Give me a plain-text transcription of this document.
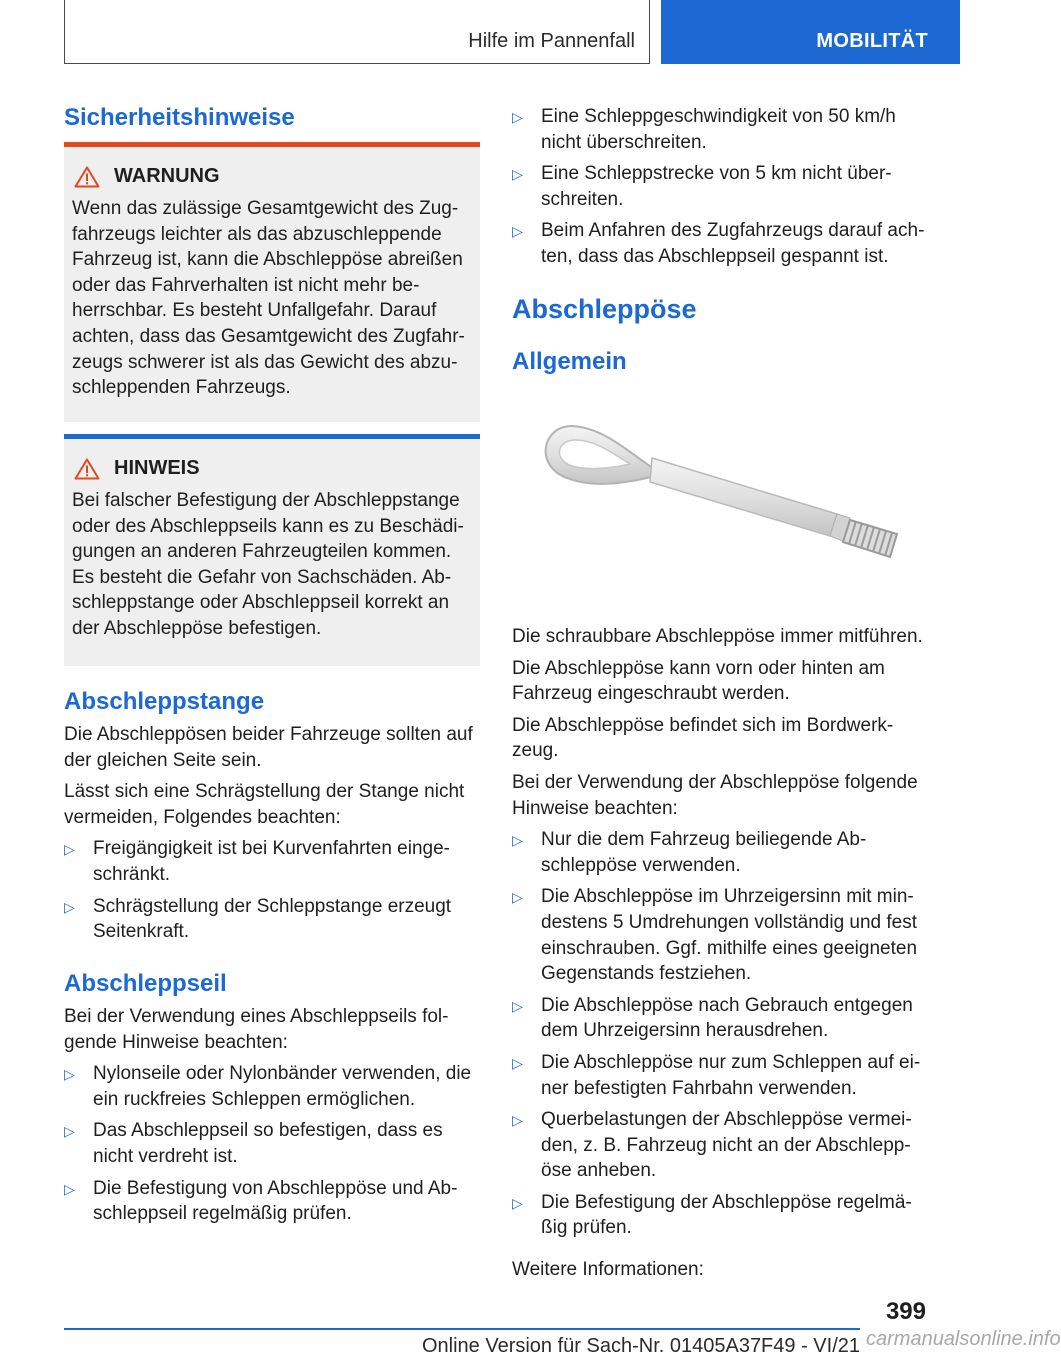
Hilfe im Pannenfall	MOBILITÄT
Sicherheitshinweise
WARNUNG

Wenn das zulässige Gesamtgewicht des Zug-fahrzeugs leichter als das abzuschleppende Fahrzeug ist, kann die Abschleppöse abreißen oder das Fahrverhalten ist nicht mehr be-herrschbar. Es besteht Unfallgefahr. Darauf achten, dass das Gesamtgewicht des Zugfahr-zeugs schwerer ist als das Gewicht des abzu-schleppenden Fahrzeugs.

HINWEIS

Bei falscher Befestigung der Abschleppstange oder des Abschleppseils kann es zu Beschädi-gungen an anderen Fahrzeugteilen kommen. Es besteht die Gefahr von Sachschäden. Ab-schleppstange oder Abschleppseil korrekt an der Abschleppöse befestigen.

Abschleppstange

Die Abschleppösen beider Fahrzeuge sollten auf der gleichen Seite sein.

Lässt sich eine Schrägstellung der Stange nicht vermeiden, Folgendes beachten:

▷ Freigängigkeit ist bei Kurvenfahrten einge-schränkt.
▷ Schrägstellung der Schleppstange erzeugt Seitenkraft.
Abschleppseil

Bei der Verwendung eines Abschleppseils fol-gende Hinweise beachten:

▷ Nylonseile oder Nylonbänder verwenden, die ein ruckfreies Schleppen ermöglichen.
▷ Das Abschleppseil so befestigen, dass es nicht verdreht ist.
▷ Die Befestigung von Abschleppöse und Ab-schleppseil regelmäßig prüfen.
▷ Eine Schleppgeschwindigkeit von 50 km/h nicht überschreiten.
▷ Eine Schleppstrecke von 5 km nicht über-schreiten.
▷ Beim Anfahren des Zugfahrzeugs darauf ach-ten, dass das Abschleppseil gespannt ist.
Abschleppöse
Allgemein

Die schraubbare Abschleppöse immer mitführen.

Die Abschleppöse kann vorn oder hinten am Fahrzeug eingeschraubt werden.

Die Abschleppöse befindet sich im Bordwerk-zeug.

Bei der Verwendung der Abschleppöse folgende Hinweise beachten:

▷ Nur die dem Fahrzeug beiliegende Ab-schleppöse verwenden.
▷ Die Abschleppöse im Uhrzeigersinn mit min-destens 5 Umdrehungen vollständig und fest einschrauben. Ggf. mithilfe eines geeigneten Gegenstands festziehen.
▷ Die Abschleppöse nach Gebrauch entgegen dem Uhrzeigersinn herausdrehen.
▷ Die Abschleppöse nur zum Schleppen auf ei-ner befestigten Fahrbahn verwenden.
▷ Querbelastungen der Abschleppöse vermei-den, z. B. Fahrzeug nicht an der Abschlepp-öse anheben.
▷ Die Befestigung der Abschleppöse regelmä-ßig prüfen.

Weitere Informationen:

399
Online Version für Sach-Nr. 01405A37F49 - VI/21 carmanualsonline.info
